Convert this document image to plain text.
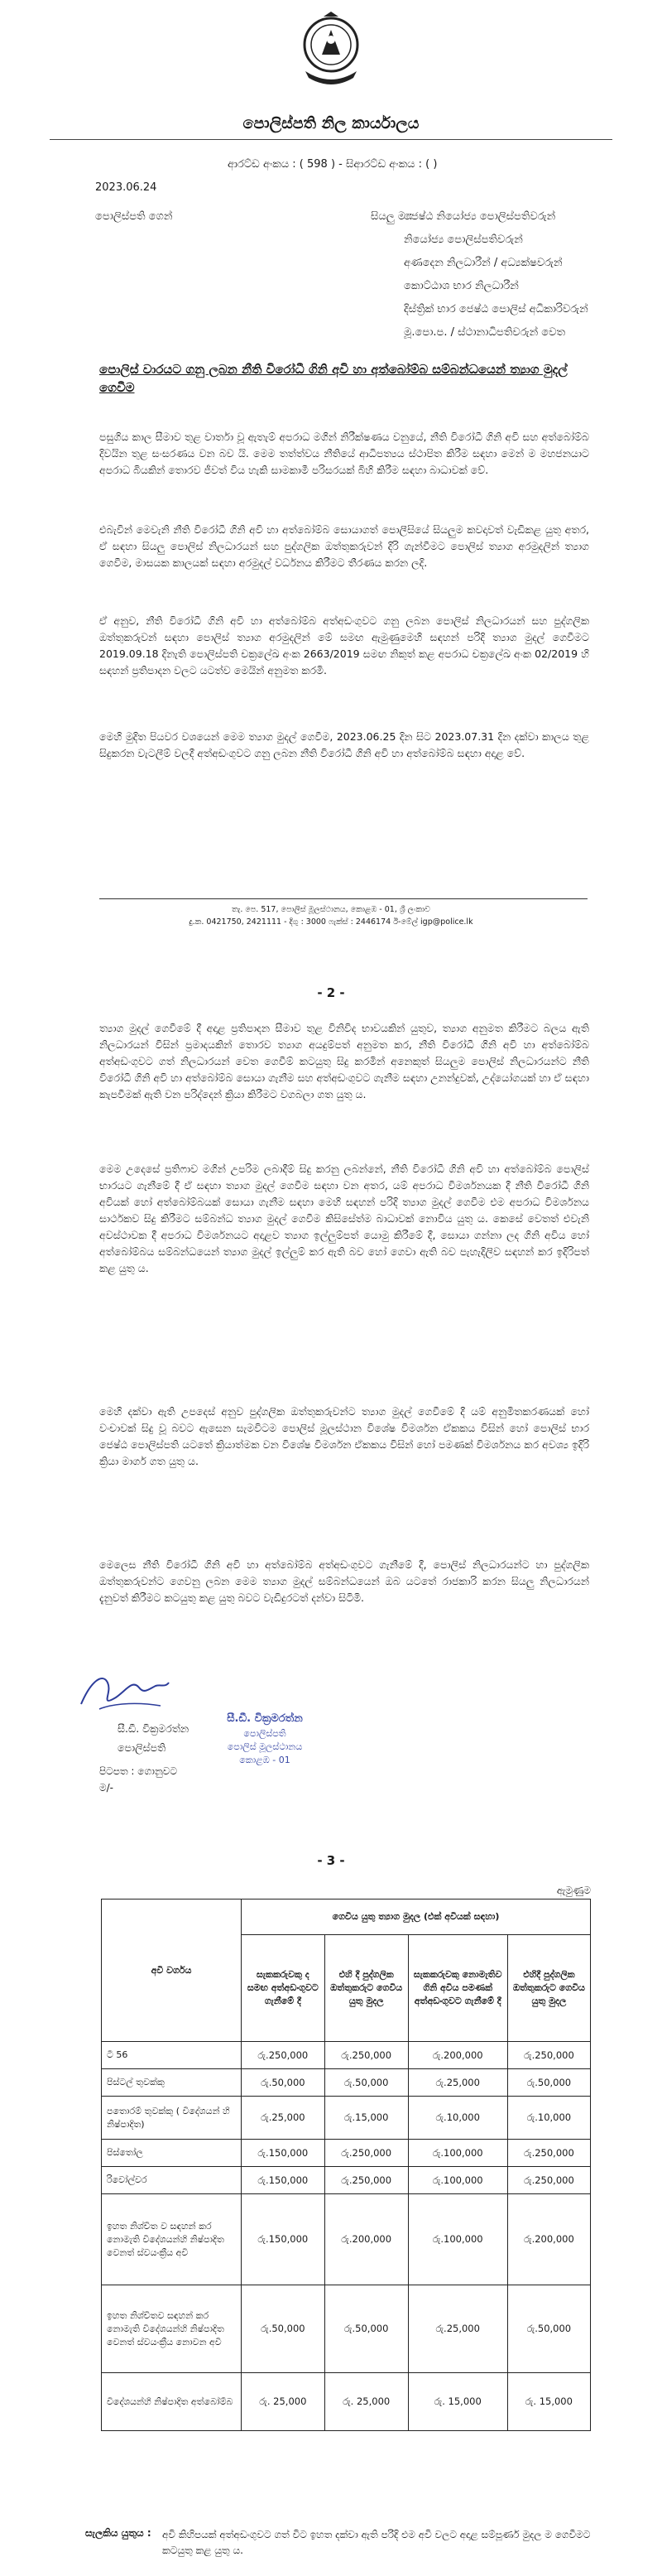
පොලිස්පති නිල කාර්යාලය
ආරට්ඩ අංකය : ( 598 ) - සිආරට්ඩ අංකය : ( )
2023.06.24
පොලිස්පති ගෙන්	සියලු ම :
ජෙෂ්ඨ නියෝජ්‍ය පොලිස්පතිවරුන්
නියෝජ්‍ය පොලිස්පතිවරුන්
අණදෙන නිලධාරීන් / අධ්‍යක්ෂවරුන්
කොට්ඨාශ භාර නිලධාරීන්
දිස්ත්‍රික් භාර ජෙෂ්ඨ පොලිස් අධිකාරිවරුන්
මූ.පො.ප. / ස්ථානාධිපතිවරුන් වෙත
පොලිස් වාරයට ගනු ලබන නීති විරෝධී ගිනි අවි හා අත්බෝම්බ සම්බන්ධයෙන් ත්‍යාග මුදල් ගෙවීම

පසුගිය කාල සීමාව තුළ වාර්තා වූ ඇතැම් අපරාධ මගින් නිරීක්ෂණය වනුයේ, නීති විරෝධී ගිනි අවි සහ අත්බෝම්බ දිවයින තුළ සංසරණය වන බව යි. මෙම තත්ත්වය නීතියේ ආධිපත්‍යය ස්ථාපිත කිරීම සඳහා මෙන් ම මහජනයාට අපරාධ බියකින් තොරව ජීවත් විය හැකි සාමකාමී පරිසරයක් බිහි කිරීම සඳහා බාධාවක් වේ.

එබැවින් මෙවැනි නීති විරෝධී ගිනි අවි හා අත්බෝම්බ සොයාගත් පොලීසියේ සියලුම කවදාවත් වැඩිකළ යුතු අතර, ඒ සඳහා සියලු පොලිස් නිලධාරයන් සහ පුද්ගලික ඔත්තුකරුවන් දිරි ගැන්වීමට පොලිස් ත්‍යාග අරමුදලින් ත්‍යාග ගෙවීම, මාසයක කාලයක් සඳහා අරමුදල් වර්ධනය කිරීමට තීරණය කරන ලදි.

ඒ අනුව, නීති විරෝධී ගිනි අවි හා අත්බෝම්බ අත්අඩංගුවට ගනු ලබන පොලිස් නිලධාරයන් සහ පුද්ගලික ඔත්තුකරුවන් සඳහා පොලිස් ත්‍යාග අරමුදලින් මේ සමඟ ඇමුණුමෙහි සඳහන් පරිදි ත්‍යාග මුදල් ගෙවීමට 2019.09.18 දිනැති පොලිස්පති චක්‍රලේඛ අංක 2663/2019 සමඟ නිකුත් කළ අපරාධ චක්‍රලේඛ අංක 02/2019 හි සඳහන් ප්‍රතිපාදන වලට යටත්ව මෙයින් අනුමත කරමි.

මෙහි මුදිත පියවර වශයෙන් මෙම ත්‍යාග මුදල් ගෙවීම, 2023.06.25 දින සිට 2023.07.31 දින දක්වා කාලය තුළ සිදුකරන වැටලීම් වලදී අත්අඩංගුවට ගනු ලබන නීති විරෝධී ගිනි අවි හා අත්බෝම්බ සඳහා අදාළ වේ.

තැ. පෙ. 517, පොලිස් මූලස්ථානය, කොළඹ - 01, ශ්‍රී ලංකාව
දු.ක. 0421750, 2421111 - දිගු : 3000 ෆැක්ස් : 2446174 ඊ-මේල් igp@police.lk
- 2 -

ත්‍යාග මුදල් ගෙවීමේ දී අදාළ ප්‍රතිපාදන සීමාව තුළ විනිවිද භාවයකින් යුතුව, ත්‍යාග අනුමත කිරීමට බලය ඇති නිලධාරයන් විසින් ප්‍රමාදයකින් තොරව ත්‍යාග අයදුම්පත් අනුමත කර, නීති විරෝධී ගිනි අවි හා අත්බෝම්බ අත්අඩංගුවට ගත් නිලධාරයන් වෙත ගෙවීම් කටයුතු සිදු කරමින් අනෙකුත් සියලුම පොලිස් නිලධාරයන්ට නීති විරෝධී ගිනි අවි හා අත්බෝම්බ සොයා ගැනීම සහ අත්අඩංගුවට ගැනීම සඳහා උනන්දුවක්, උද්යෝගයක් හා ඒ සඳහා කැපවීමක් ඇති වන පරිද්දෙන් ක්‍රියා කිරීමට වගබලා ගත යුතු ය.

මෙම උදෙසේ ප්‍රතිෆාව මගින් උපරිම ලබාදීම් සිදු කරනු ලබන්නේ, නීති විරෝධී ගිනි අවි හා අත්බෝම්බ පොලිස් භාරයට ගැනීමේ දී ඒ සඳහා ත්‍යාග මුදල් ගෙවීම සඳහා වන අතර, යම් අපරාධ විමර්ශනයක දී නීති විරෝධී ගිනි අවියක් හෝ අත්බෝම්බයක් සොයා ගැනීම සඳහා මෙහි සඳහන් පරිදි ත්‍යාග මුදල් ගෙවීම එම අපරාධ විමර්ශනය සාර්ථකව සිදු කිරීමට සම්බන්ධ ත්‍යාග මුදල් ගෙවීම කිසිසේත්ම බාධාවක් නොවිය යුතු ය. කෙසේ වෙතත් එවැනි අවස්ථාවක දී අපරාධ විමර්ශනයට අදාළව ත්‍යාග ඉල්ලුම්පත් යොමු කිරීමේ දී, සොයා ගන්නා ලද ගිනි අවිය හෝ අත්බෝම්බය සම්බන්ධයෙන් ත්‍යාග මුදල් ඉල්ලුම් කර ඇති බව හෝ ගෙවා ඇති බව පැහැදිලිව සඳහන් කර ඉදිරිපත් කළ යුතු ය.

මෙහි දක්වා ඇති උපදෙස් අනුව පුද්ගලික ඔත්තුකරුවන්ට ත්‍යාග මුදල් ගෙවීමේ දී යම් අනුමිතකරණයක් හෝ වංචාවක් සිදු වූ බවට ඇසෙන සැමවිටම පොලිස් මූලස්ථාන විශේෂ විමර්ශන ඒකකය විසින් හෝ පොලිස් භාර ජෙෂ්ඨ පොලිස්පති යටතේ ක්‍රියාත්මක වන විශේෂ විමර්ශන ඒකකය විසින් හෝ පමණක් විමර්ශනය කර අවශ්‍ය ඉදිරි ක්‍රියා මාර්ග ගත යුතු ය.

මෙලෙස නීති විරෝධී ගිනි අවි හා අත්බෝම්බ අත්අඩංගුවට ගැනීමේ දී, පොලිස් නිලධාරයන්ට හා පුද්ගලික ඔත්තුකරුවන්ට ගෙවනු ලබන මෙම ත්‍යාග මුදල් සම්බන්ධයෙන් ඔබ යටතේ රාජකාරි කරන සියලු නිලධාරයන් දැනුවත් කිරීමට කටයුතු කළ යුතු බවට වැඩිදුරටත් දන්වා සිටිමි.

සී.ඩී. වික්‍රමරත්න
පොලිස්පති
සී.ඩී. වික්‍රමරත්න
පොලිස්පති
පොලිස් මූලස්ථානය
කොළඹ - 01
පිටපත : ගොනුවට
ම/-
- 3 -
ඇමුණුම
අවි වර්ගය	ගෙවිය යුතු ත්‍යාග මුදල (එක් අවියක් සඳහා)			
	සැකකරුවකු ද සමඟ අත්අඩංගුවට ගැනීමේ දී	එහි දී පුද්ගලික ඔත්තුකරුට ගෙවිය යුතු මුදල	සැකකරුවකු නොමැතිව ගිනි අවිය පමණක් අත්අඩංගුවට ගැනීමේ දී	එහිදී පුද්ගලික ඔත්තුකරුට ගෙවිය යුතු මුදල
ටී 56	රු.250,000	රු.250,000	රු.200,000	රු.250,000
පිස්ටල් තුවක්කු	රු.50,000	රු.50,000	රු.25,000	රු.50,000
පතොරම් තුවක්කු ( විදේශයන් හි නිෂ්පාදිත)	රු.25,000	රු.15,000	රු.10,000	රු.10,000
පිස්තෝල	රු.150,000	රු.250,000	රු.100,000	රු.250,000
රිවෝල්වර	රු.150,000	රු.250,000	රු.100,000	රු.250,000
ඉහත නිශ්චිත ව සඳහන් කර නොමැති විදේශයන්හි නිෂ්පාදිත වෙනත් ස්වයංක්‍රීය අවි	රු.150,000	රු.200,000	රු.100,000	රු.200,000
ඉහත නිශ්චිතව සඳහන් කර නොමැති විදේශයන්හි නිෂ්පාදිත වෙනත් ස්වයංක්‍රීය නොවන අවි	රු.50,000	රු.50,000	රු.25,000	රු.50,000
විදේශයන්හි නිෂ්පාදිත අත්බෝම්බ	රු. 25,000	රු. 25,000	රු. 15,000	රු. 15,000
සැලකිය යුතුය : අවි කිහිපයක් අත්අඩංගුවට ගත් විට ඉහත දක්වා ඇති පරිදි එම අවි වලට අදාළ සම්පූර්ණ මුදල ම ගෙවීමට කටයුතු කළ යුතු ය.
